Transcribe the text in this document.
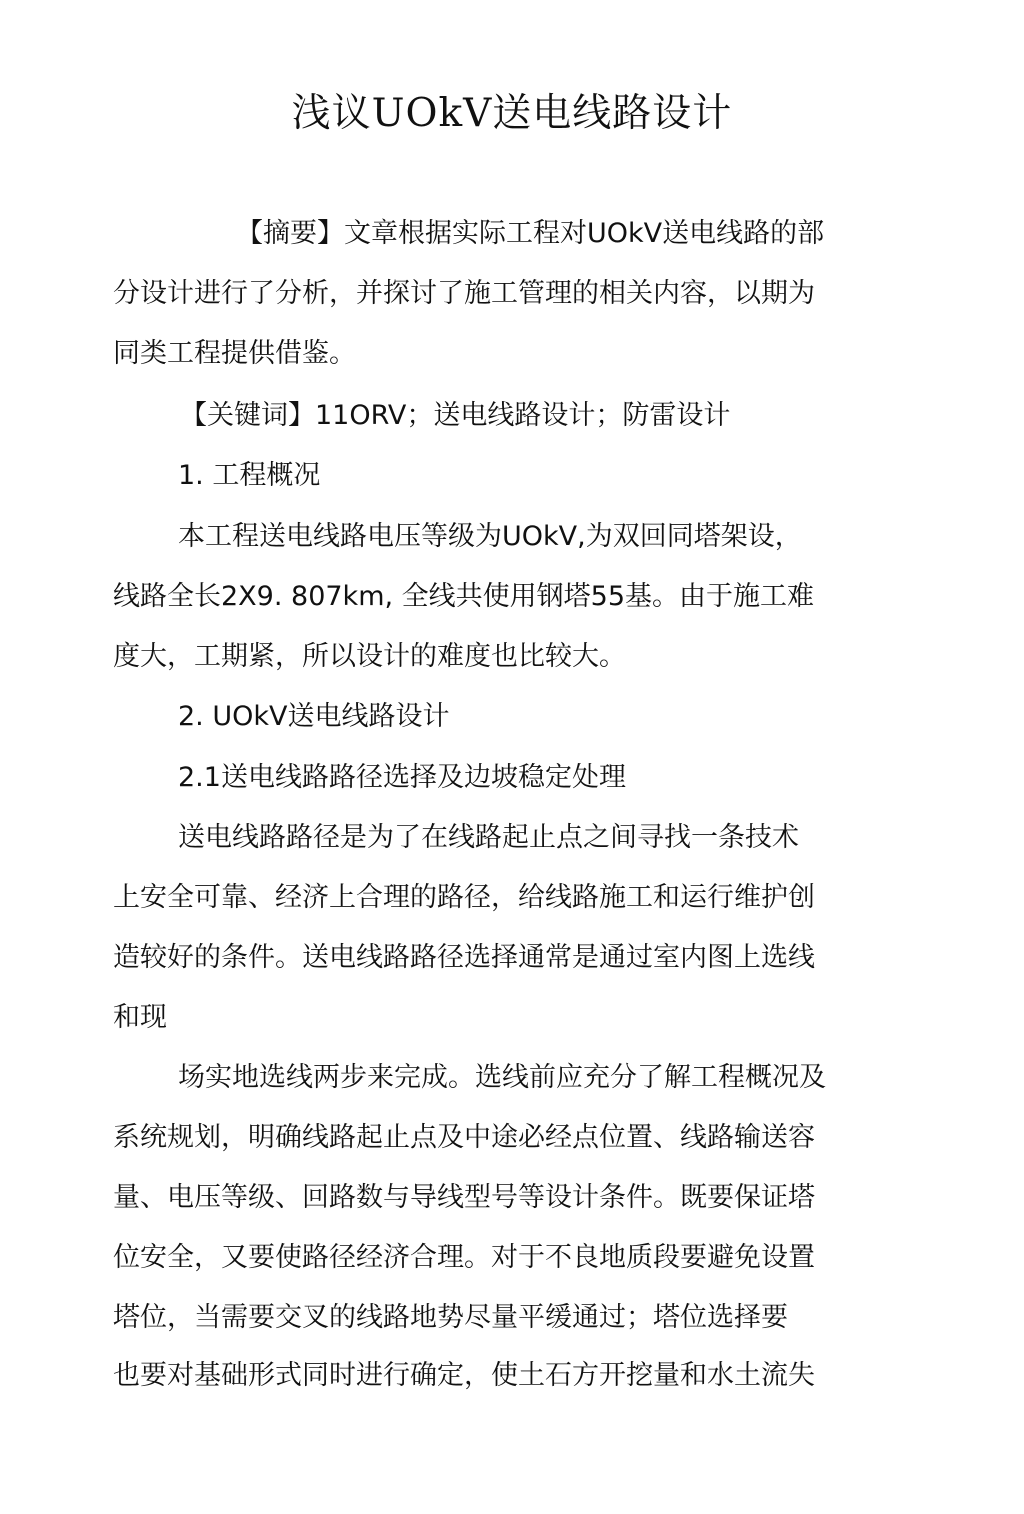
浅议UOkV送电线路设计

【摘要】文章根据实际工程对UOkV送电线路的部

分设计进行了分析，并探讨了施工管理的相关内容，以期为

同类工程提供借鉴。

【关键词】11ORV；送电线路设计；防雷设计

1. 工程概况

本工程送电线路电压等级为UOkV,为双回同塔架设，

线路全长2X9. 807km, 全线共使用钢塔55基。由于施工难

度大，工期紧，所以设计的难度也比较大。

2. UOkV送电线路设计

2.1送电线路路径选择及边坡稳定处理

送电线路路径是为了在线路起止点之间寻找一条技术

上安全可靠、经济上合理的路径，给线路施工和运行维护创

造较好的条件。送电线路路径选择通常是通过室内图上选线

和现

场实地选线两步来完成。选线前应充分了解工程概况及

系统规划，明确线路起止点及中途必经点位置、线路输送容

量、电压等级、回路数与导线型号等设计条件。既要保证塔

位安全，又要使路径经济合理。对于不良地质段要避免设置

塔位，当需要交叉的线路地势尽量平缓通过；塔位选择要

也要对基础形式同时进行确定，使土石方开挖量和水土流失
